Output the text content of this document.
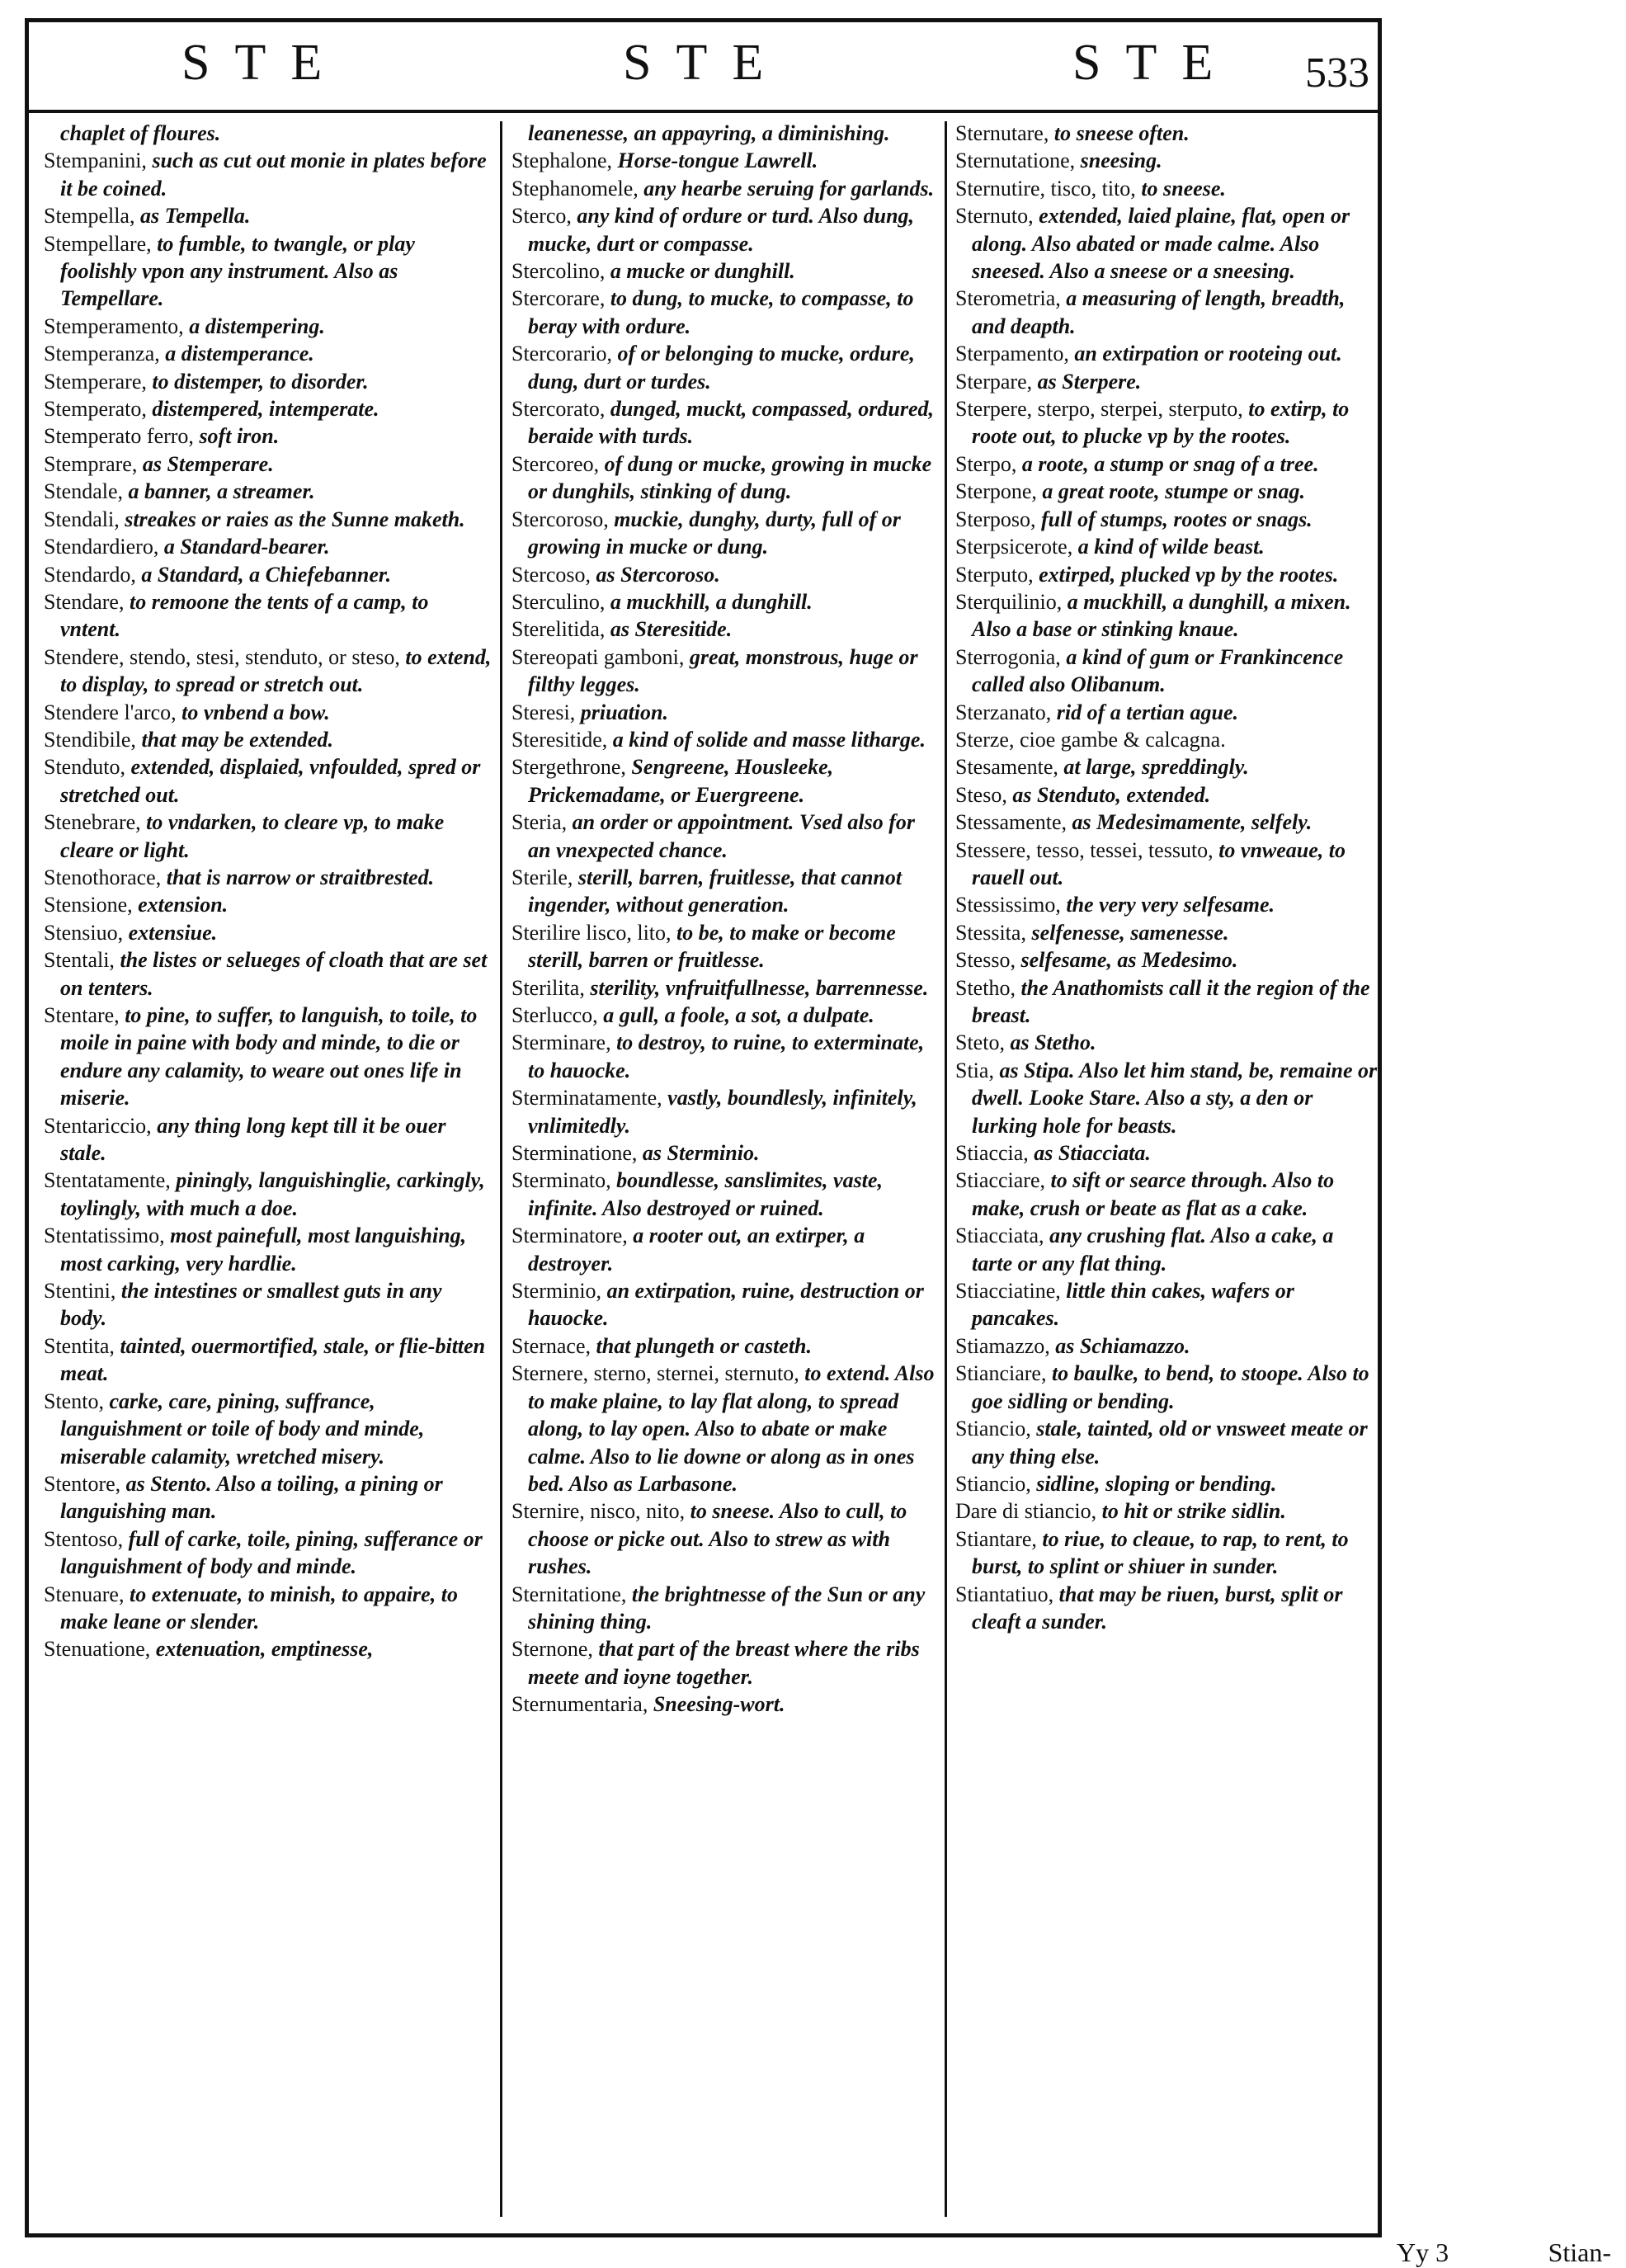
STE	STE	STE 533

chaplet of floures.

Stempanini, such as cut out monie in plates before it be coined.

Stempella, as Tempella.

Stempellare, to fumble, to twangle, or play foolishly vpon any instrument. Also as Tempellare.

Stemperamento, a distempering.

Stemperanza, a distemperance.

Stemperare, to distemper, to disorder.

Stemperato, distempered, intemperate.

Stemperato ferro, soft iron.

Stemprare, as Stemperare.

Stendale, a banner, a streamer.

Stendali, streakes or raies as the Sunne maketh.

Stendardiero, a Standard-bearer.

Stendardo, a Standard, a Chiefebanner.

Stendare, to remoone the tents of a camp, to vntent.

Stendere, stendo, stesi, stenduto, or steso, to extend, to display, to spread or stretch out.

Stendere l'arco, to vnbend a bow.

Stendibile, that may be extended.

Stenduto, extended, displaied, vnfoulded, spred or stretched out.

Stenebrare, to vndarken, to cleare vp, to make cleare or light.

Stenothorace, that is narrow or straitbrested.

Stensione, extension.

Stensiuo, extensiue.

Stentali, the listes or selueges of cloath that are set on tenters.

Stentare, to pine, to suffer, to languish, to toile, to moile in paine with body and minde, to die or endure any calamity, to weare out ones life in miserie.

Stentariccio, any thing long kept till it be ouer stale.

Stentatamente, piningly, languishinglie, carkingly, toylingly, with much a doe.

Stentatissimo, most painefull, most languishing, most carking, very hardlie.

Stentini, the intestines or smallest guts in any body.

Stentita, tainted, ouermortified, stale, or flie-bitten meat.

Stento, carke, care, pining, suffrance, languishment or toile of body and minde, miserable calamity, wretched misery.

Stentore, as Stento. Also a toiling, a pining or languishing man.

Stentoso, full of carke, toile, pining, sufferance or languishment of body and minde.

Stenuare, to extenuate, to minish, to appaire, to make leane or slender.

Stenuatione, extenuation, emptinesse,

leanenesse, an appayring, a diminishing.

Stephalone, Horse-tongue Lawrell.

Stephanomele, any hearbe seruing for garlands.

Sterco, any kind of ordure or turd. Also dung, mucke, durt or compasse.

Stercolino, a mucke or dunghill.

Stercorare, to dung, to mucke, to compasse, to beray with ordure.

Stercorario, of or belonging to mucke, ordure, dung, durt or turdes.

Stercorato, dunged, muckt, compassed, ordured, beraide with turds.

Stercoreo, of dung or mucke, growing in mucke or dunghils, stinking of dung.

Stercoroso, muckie, dunghy, durty, full of or growing in mucke or dung.

Stercoso, as Stercoroso.

Sterculino, a muckhill, a dunghill.

Sterelitida, as Steresitide.

Stereopati gamboni, great, monstrous, huge or filthy legges.

Steresi, priuation.

Steresitide, a kind of solide and masse litharge.

Stergethrone, Sengreene, Housleeke, Prickemadame, or Euergreene.

Steria, an order or appointment. Vsed also for an vnexpected chance.

Sterile, sterill, barren, fruitlesse, that cannot ingender, without generation.

Sterilire lisco, lito, to be, to make or become sterill, barren or fruitlesse.

Sterilita, sterility, vnfruitfullnesse, barrennesse.

Sterlucco, a gull, a foole, a sot, a dulpate.

Sterminare, to destroy, to ruine, to exterminate, to hauocke.

Sterminatamente, vastly, boundlesly, infinitely, vnlimitedly.

Sterminatione, as Sterminio.

Sterminato, boundlesse, sanslimites, vaste, infinite. Also destroyed or ruined.

Sterminatore, a rooter out, an extirper, a destroyer.

Sterminio, an extirpation, ruine, destruction or hauocke.

Sternace, that plungeth or casteth.

Sternere, sterno, sternei, sternuto, to extend. Also to make plaine, to lay flat along, to spread along, to lay open. Also to abate or make calme. Also to lie downe or along as in ones bed. Also as Larbasone.

Sternire, nisco, nito, to sneese. Also to cull, to choose or picke out. Also to strew as with rushes.

Sternitatione, the brightnesse of the Sun or any shining thing.

Sternone, that part of the breast where the ribs meete and ioyne together.

Sternumentaria, Sneesing-wort.

Sternutare, to sneese often.

Sternutatione, sneesing.

Sternutire, tisco, tito, to sneese.

Sternuto, extended, laied plaine, flat, open or along. Also abated or made calme. Also sneesed. Also a sneese or a sneesing.

Sterometria, a measuring of length, breadth, and deapth.

Sterpamento, an extirpation or rooteing out.

Sterpare, as Sterpere.

Sterpere, sterpo, sterpei, sterputo, to extirp, to roote out, to plucke vp by the rootes.

Sterpo, a roote, a stump or snag of a tree.

Sterpone, a great roote, stumpe or snag.

Sterposo, full of stumps, rootes or snags.

Sterpsicerote, a kind of wilde beast.

Sterputo, extirped, plucked vp by the rootes.

Sterquilinio, a muckhill, a dunghill, a mixen. Also a base or stinking knaue.

Sterrogonia, a kind of gum or Frankincence called also Olibanum.

Sterzanato, rid of a tertian ague.

Sterze, cioe gambe & calcagna.

Stesamente, at large, spreddingly.

Steso, as Stenduto, extended.

Stessamente, as Medesimamente, selfely.

Stessere, tesso, tessei, tessuto, to vnweaue, to rauell out.

Stessissimo, the very very selfesame.

Stessita, selfenesse, samenesse.

Stesso, selfesame, as Medesimo.

Stetho, the Anathomists call it the region of the breast.

Steto, as Stetho.

Stia, as Stipa. Also let him stand, be, remaine or dwell. Looke Stare. Also a sty, a den or lurking hole for beasts.

Stiaccia, as Stiacciata.

Stiacciare, to sift or searce through. Also to make, crush or beate as flat as a cake.

Stiacciata, any crushing flat. Also a cake, a tarte or any flat thing.

Stiacciatine, little thin cakes, wafers or pancakes.

Stiamazzo, as Schiamazzo.

Stianciare, to baulke, to bend, to stoope. Also to goe sidling or bending.

Stiancio, stale, tainted, old or vnsweet meate or any thing else.

Stiancio, sidline, sloping or bending.

Dare di stiancio, to hit or strike sidlin.

Stiantare, to riue, to cleaue, to rap, to rent, to burst, to splint or shiuer in sunder.

Stiantatiuo, that may be riuen, burst, split or cleaft a sunder.

Yy 3	Stian-
